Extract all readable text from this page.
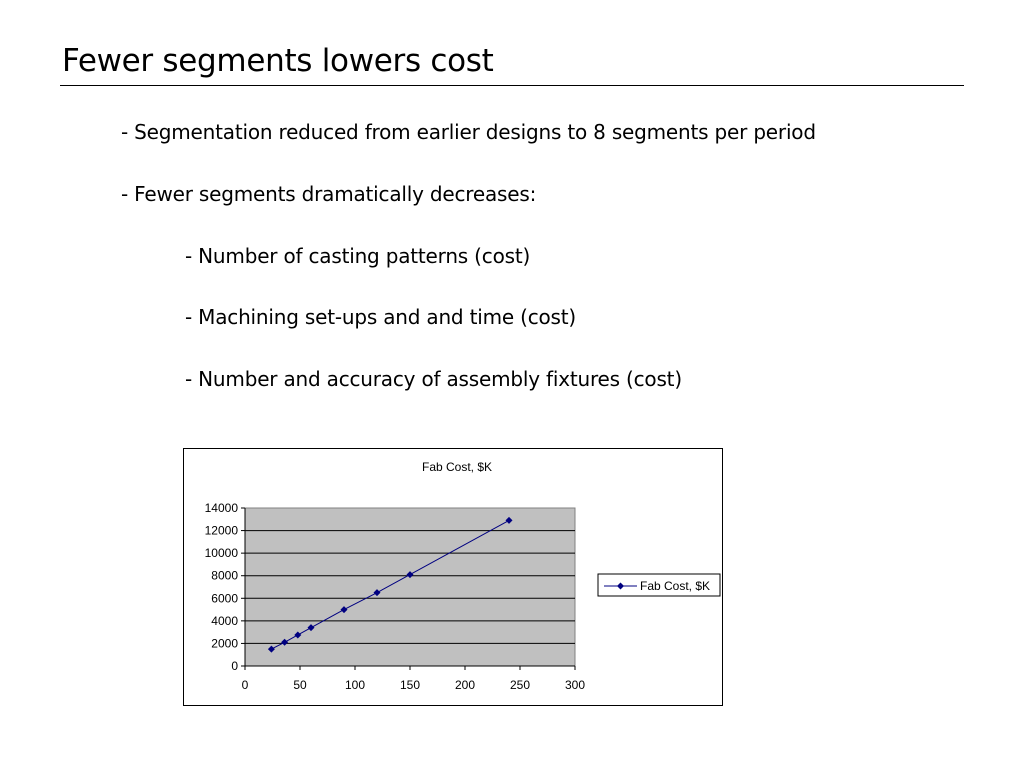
Fewer segments lowers cost
- Segmentation reduced from earlier designs to 8 segments per period
- Fewer segments dramatically decreases:
- Number of casting patterns (cost)
- Machining set-ups and and time (cost)
- Number and accuracy of assembly fixtures (cost)
Fab Cost, $K
0
2000
4000
6000
8000
10000
12000
14000
0	50	100	150	200	250	300
Fab Cost, $K
